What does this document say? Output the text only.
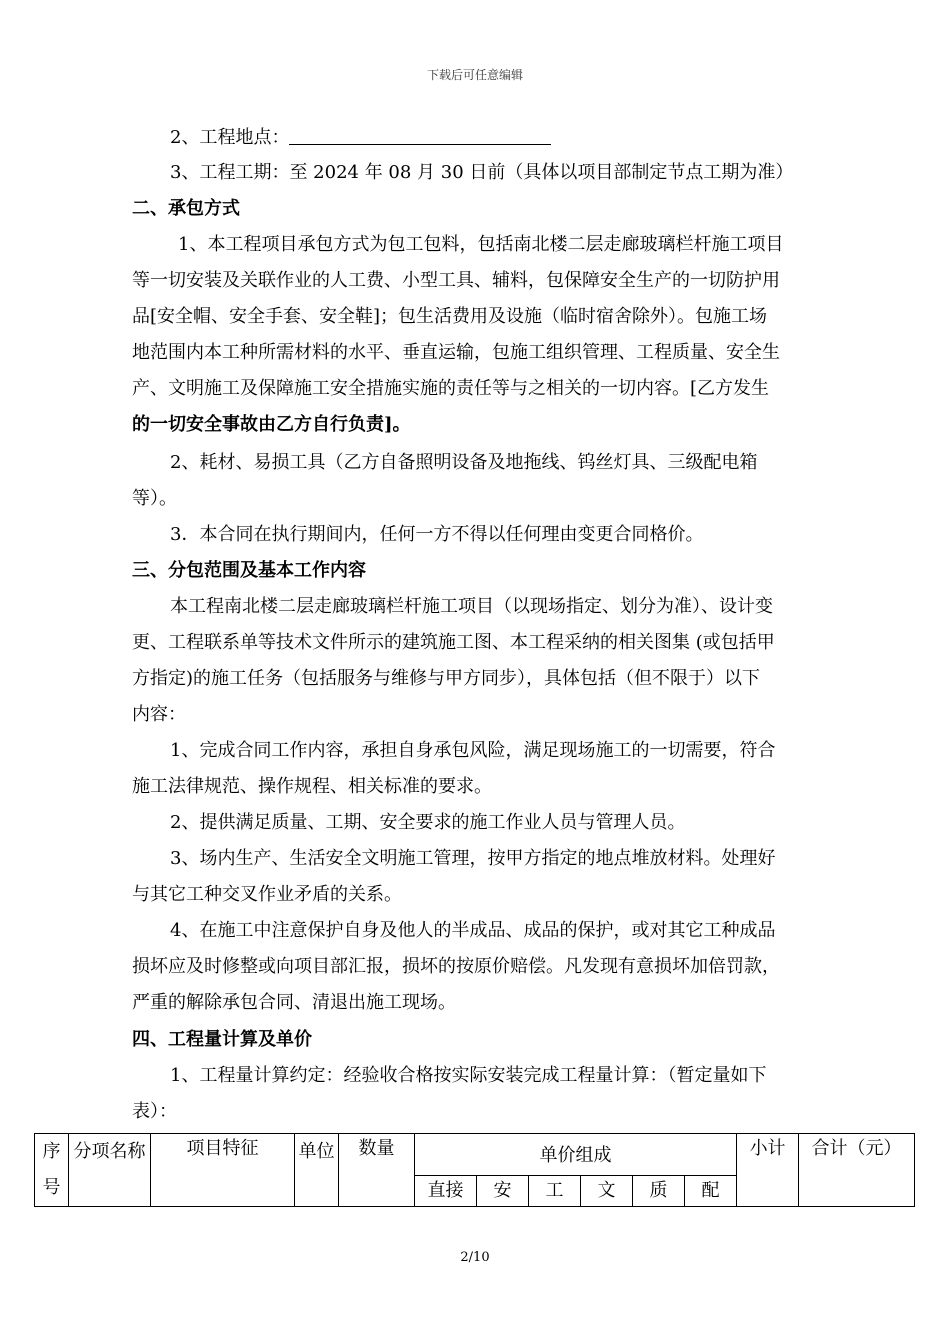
下载后可任意编辑
2、工程地点：
3、工程工期：至 2024 年 08 月 30 日前（具体以项目部制定节点工期为准）
二、承包方式
1、本工程项目承包方式为包工包料，包括南北楼二层走廊玻璃栏杆施工项目
等一切安装及关联作业的人工费、小型工具、辅料，包保障安全生产的一切防护用
品[安全帽、安全手套、安全鞋]；包生活费用及设施（临时宿舍除外）。包施工场
地范围内本工种所需材料的水平、垂直运输，包施工组织管理、工程质量、安全生
产、文明施工及保障施工安全措施实施的责任等与之相关的一切内容。[乙方发生
的一切安全事故由乙方自行负责]。
2、耗材、易损工具（乙方自备照明设备及地拖线、钨丝灯具、三级配电箱
等）。
3．本合同在执行期间内，任何一方不得以任何理由变更合同格价。
三、分包范围及基本工作内容
本工程南北楼二层走廊玻璃栏杆施工项目（以现场指定、划分为准）、设计变
更、工程联系单等技术文件所示的建筑施工图、本工程采纳的相关图集 (或包括甲
方指定)的施工任务（包括服务与维修与甲方同步），具体包括（但不限于）以下
内容：
1、完成合同工作内容，承担自身承包风险，满足现场施工的一切需要，符合
施工法律规范、操作规程、相关标准的要求。
2、提供满足质量、工期、安全要求的施工作业人员与管理人员。
3、场内生产、生活安全文明施工管理，按甲方指定的地点堆放材料。处理好
与其它工种交叉作业矛盾的关系。
4、在施工中注意保护自身及他人的半成品、成品的保护，或对其它工种成品
损坏应及时修整或向项目部汇报，损坏的按原价赔偿。凡发现有意损坏加倍罚款，
严重的解除承包合同、清退出施工现场。
四、工程量计算及单价
1、工程量计算约定：经验收合格按实际安装完成工程量计算：（暂定量如下
表）：
序号	分项名称	项目特征	单位	数量	单价组成						小计	合计（元）
					直接	安	工	文	质	配		
2/10
